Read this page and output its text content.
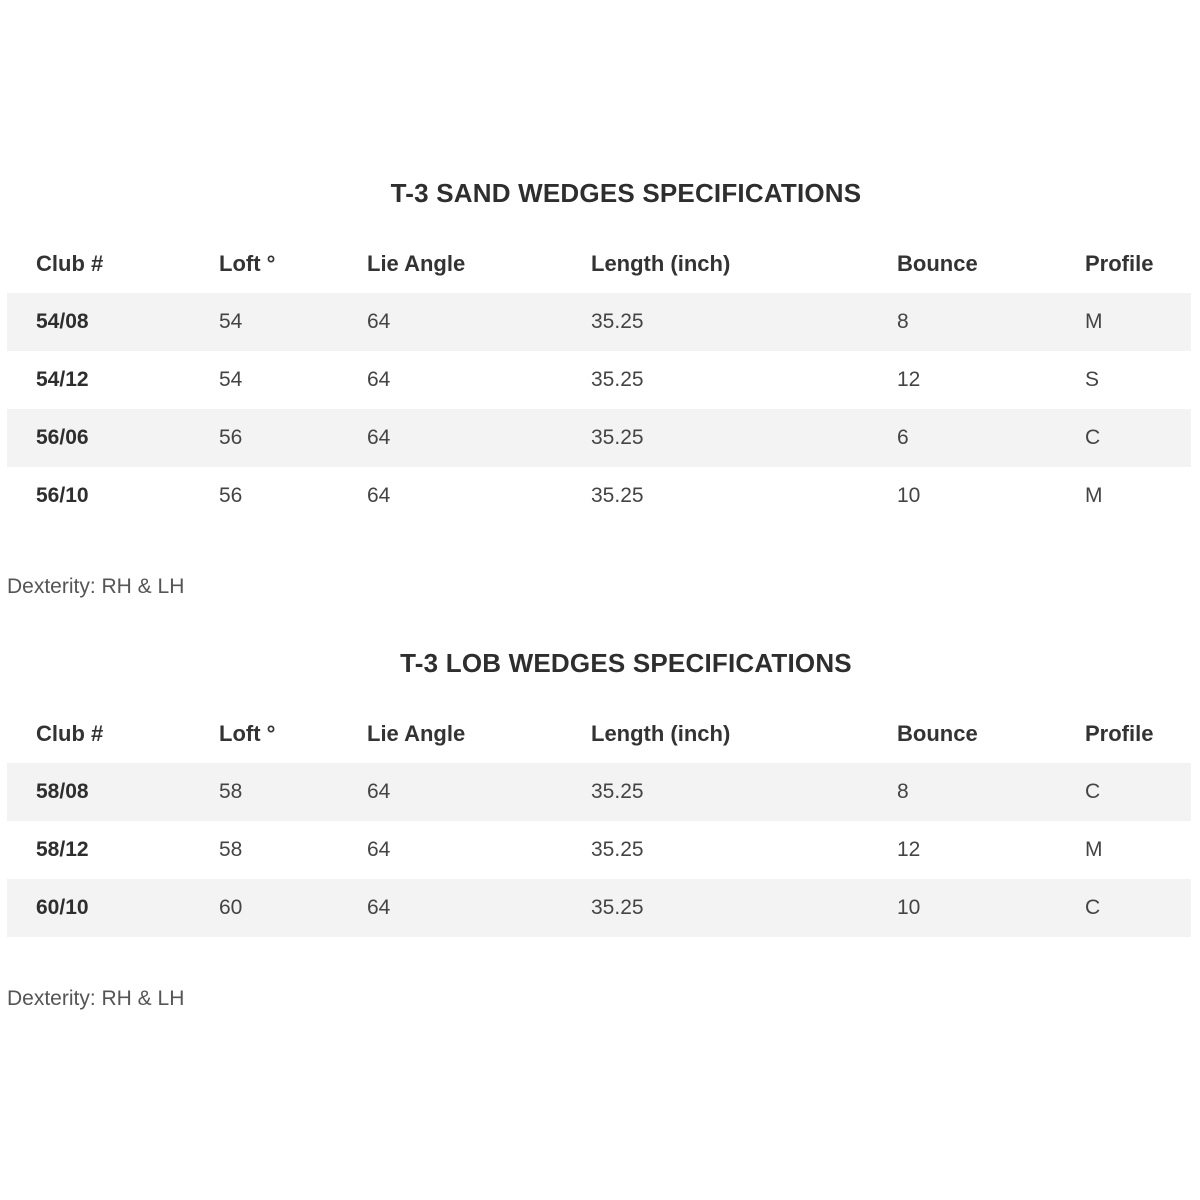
T-3 SAND WEDGES SPECIFICATIONS
Club #	Loft °	Lie Angle	Length (inch)	Bounce	Profile
54/08	54	64	35.25	8	M
54/12	54	64	35.25	12	S
56/06	56	64	35.25	6	C
56/10	56	64	35.25	10	M

Dexterity: RH & LH

T-3 LOB WEDGES SPECIFICATIONS
Club #	Loft °	Lie Angle	Length (inch)	Bounce	Profile
58/08	58	64	35.25	8	C
58/12	58	64	35.25	12	M
60/10	60	64	35.25	10	C

Dexterity: RH & LH
